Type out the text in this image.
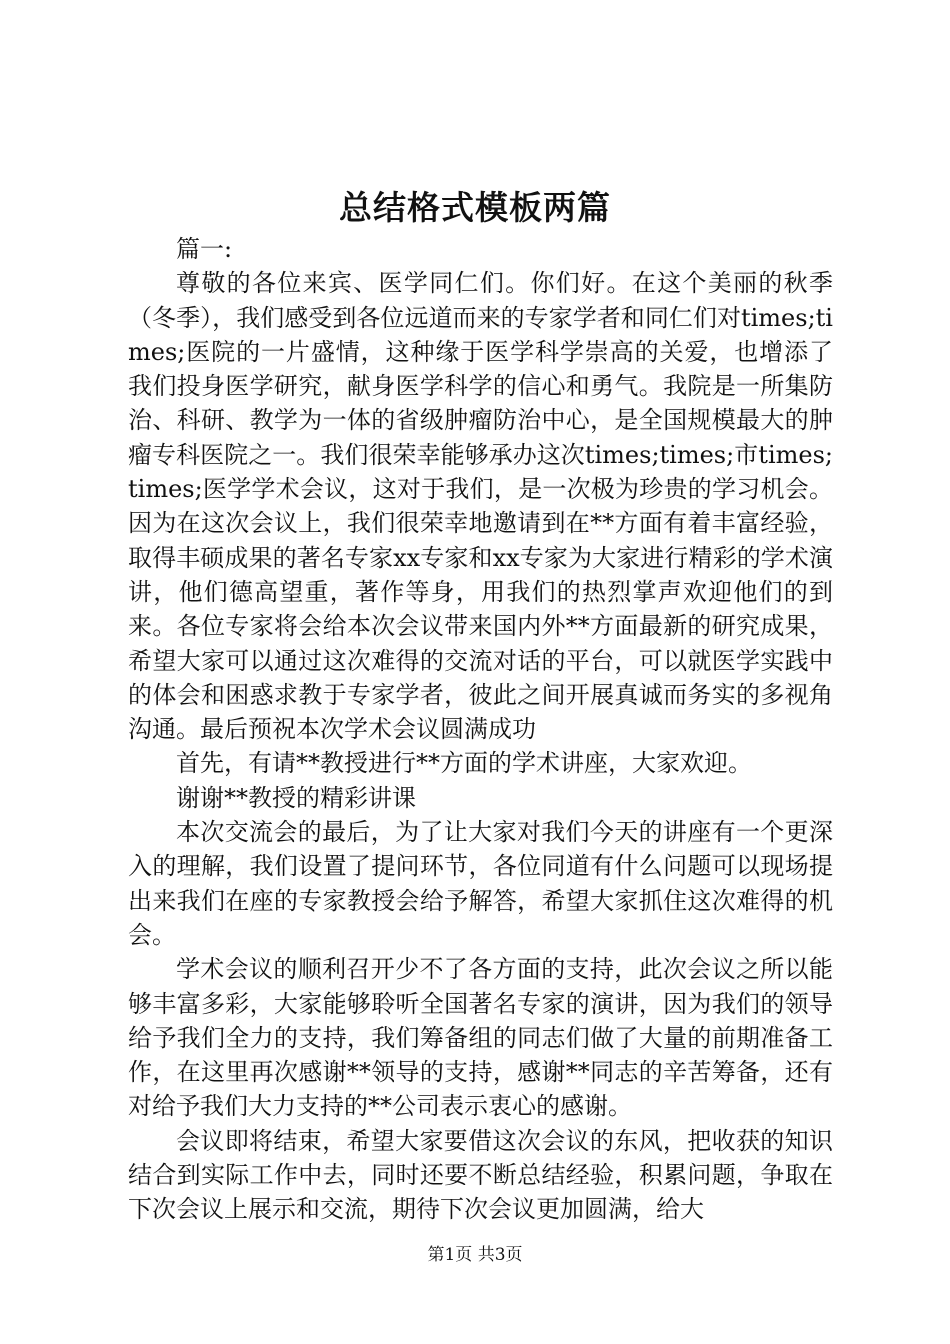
总结格式模板两篇

篇一:

尊敬的各位来宾、医学同仁们。你们好。在这个美丽的秋季（冬季），我们感受到各位远道而来的专家学者和同仁们对times;times;医院的一片盛情，这种缘于医学科学崇高的关爱，也增添了我们投身医学研究，献身医学科学的信心和勇气。我院是一所集防治、科研、教学为一体的省级肿瘤防治中心，是全国规模最大的肿瘤专科医院之一。我们很荣幸能够承办这次times;times;市times;times;医学学术会议，这对于我们，是一次极为珍贵的学习机会。因为在这次会议上，我们很荣幸地邀请到在**方面有着丰富经验，取得丰硕成果的著名专家xx专家和xx专家为大家进行精彩的学术演讲，他们德高望重，著作等身，用我们的热烈掌声欢迎他们的到来。各位专家将会给本次会议带来国内外**方面最新的研究成果，希望大家可以通过这次难得的交流对话的平台，可以就医学实践中的体会和困惑求教于专家学者，彼此之间开展真诚而务实的多视角沟通。最后预祝本次学术会议圆满成功

首先，有请**教授进行**方面的学术讲座，大家欢迎。

谢谢**教授的精彩讲课

本次交流会的最后，为了让大家对我们今天的讲座有一个更深入的理解，我们设置了提问环节，各位同道有什么问题可以现场提出来我们在座的专家教授会给予解答，希望大家抓住这次难得的机会。

学术会议的顺利召开少不了各方面的支持，此次会议之所以能够丰富多彩，大家能够聆听全国著名专家的演讲，因为我们的领导给予我们全力的支持，我们筹备组的同志们做了大量的前期准备工作，在这里再次感谢**领导的支持，感谢**同志的辛苦筹备，还有对给予我们大力支持的**公司表示衷心的感谢。

会议即将结束，希望大家要借这次会议的东风，把收获的知识结合到实际工作中去，同时还要不断总结经验，积累问题，争取在下次会议上展示和交流，期待下次会议更加圆满，给大

第1页 共3页
